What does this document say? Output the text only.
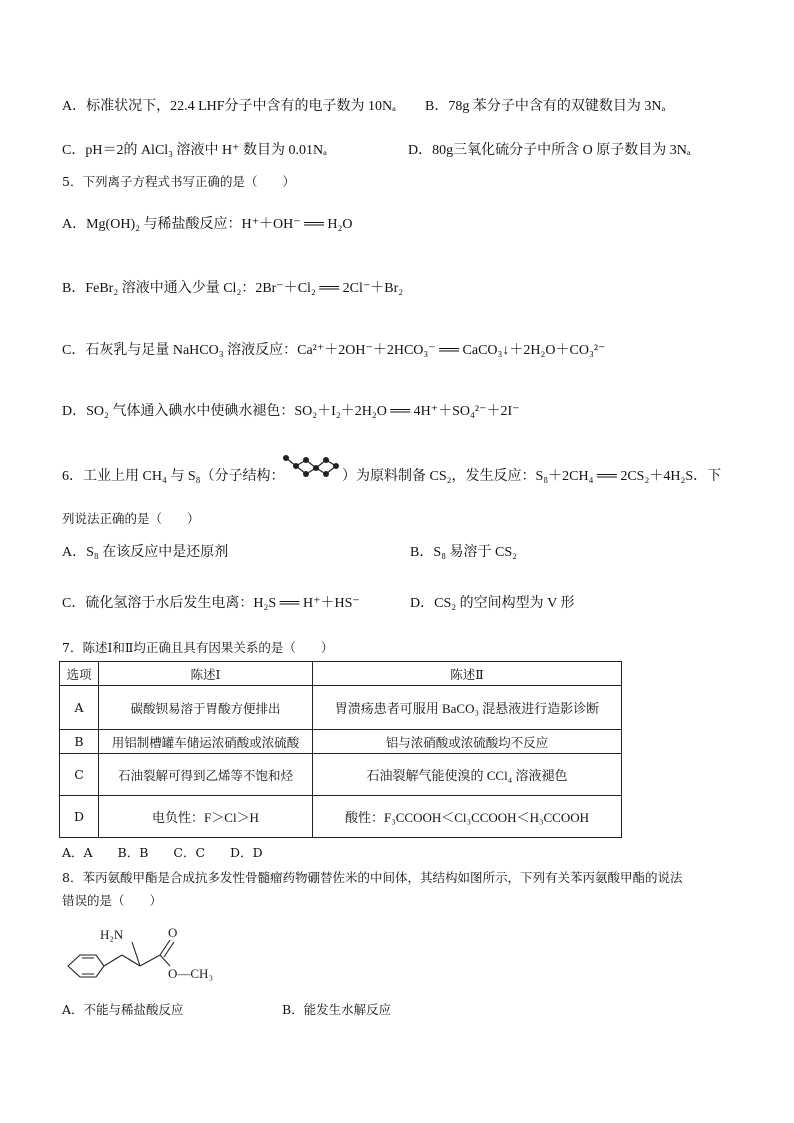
A．标准状况下，22.4 LHF分子中含有的电子数为 10Nₐ B．78g 苯分子中含有的双键数目为 3Nₐ
C．pH＝2的 AlCl₃ 溶液中 H⁺ 数目为 0.01Nₐ	D．80g三氧化硫分子中所含 O 原子数目为 3Nₐ
5．下列离子方程式书写正确的是（　　）
A．Mg(OH)₂ 与稀盐酸反应：H⁺＋OH⁻ ══ H₂O
B．FeBr₂ 溶液中通入少量 Cl₂：2Br⁻＋Cl₂ ══ 2Cl⁻＋Br₂
C．石灰乳与足量 NaHCO₃ 溶液反应：Ca²⁺＋2OH⁻＋2HCO₃⁻ ══ CaCO₃↓＋2H₂O＋CO₃²⁻
D．SO₂ 气体通入碘水中使碘水褪色：SO₂＋I₂＋2H₂O ══ 4H⁺＋SO₄²⁻＋2I⁻
6．工业上用 CH₄ 与 S₈（分子结构：	）为原料制备 CS₂，发生反应：S₈＋2CH₄ ══ 2CS₂＋4H₂S．下
列说法正确的是（　　）
A．S₈ 在该反应中是还原剂	B．S₈ 易溶于 CS₂
C．硫化氢溶于水后发生电离：H₂S ══ H⁺＋HS⁻	D．CS₂ 的空间构型为 V 形
7．陈述Ⅰ和Ⅱ均正确且具有因果关系的是（　　）
选项	陈述Ⅰ	陈述Ⅱ
A	碳酸钡易溶于胃酸方便排出	胃溃疡患者可服用 BaCO₃ 混悬液进行造影诊断
B	用铝制槽罐车储运浓硝酸或浓硫酸	铝与浓硝酸或浓硫酸均不反应
C	石油裂解可得到乙烯等不饱和烃	石油裂解气能使溴的 CCl₄ 溶液褪色
D	电负性：F＞Cl＞H	酸性：F₃CCOOH＜Cl₃CCOOH＜H₃CCOOH
A．A　　B．B　　C．C　　D．D
8．苯丙氨酸甲酯是合成抗多发性骨髓瘤药物硼替佐米的中间体，其结构如图所示，下列有关苯丙氨酸甲酯的说法
错误的是（　　）
H₂N	O
O—CH₃
A．不能与稀盐酸反应	B．能发生水解反应
